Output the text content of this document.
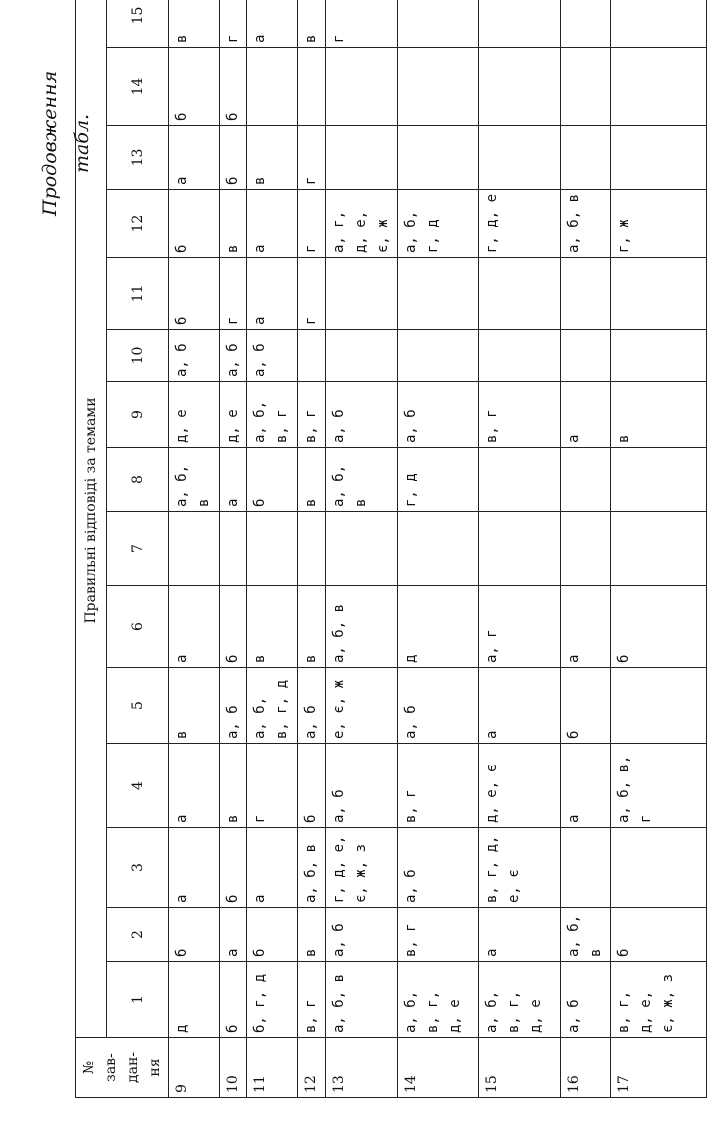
Продовження табл.
№
зав-
дан-
ня	Правильні відповіді за темами														
	1	2	3	4	5	6	7	8	9	10	11	12	13	14	15
9	д	б	а	а	в	а		а, б, в	д, е	а, б	б	б	а	б	в
10	б	а	б	в	а, б	б		а	д, е	а, б	г	в	б	б	г
11	б, г, д	б	а	г	а, б, в, г, д	в		б	а, б, в, г	а, б	а	а	в		а
12	в, г	в	а, б, в	б	а, б	в		в	в, г		г	г	г		в
13	а, б, в	а, б	г, д, е, є, ж, з	а, б	е, є, ж	а, б, в		а, б, в	а, б			а, г, д, е, є, ж			г
14	а, б, в, г, д, е	в, г	а, б	в, г	а, б	д		г, д	а, б			а, б, г, д			
15	а, б, в, г, д, е	а	в, г, д, е, є	д, е, є	а	а, г			в, г			г, д, е			
16	а, б	а, б, в		а	б	а			а			а, б, в			
17	в, г, д, е, є, ж, з	б		а, б, в, г		б			в			г, ж			
